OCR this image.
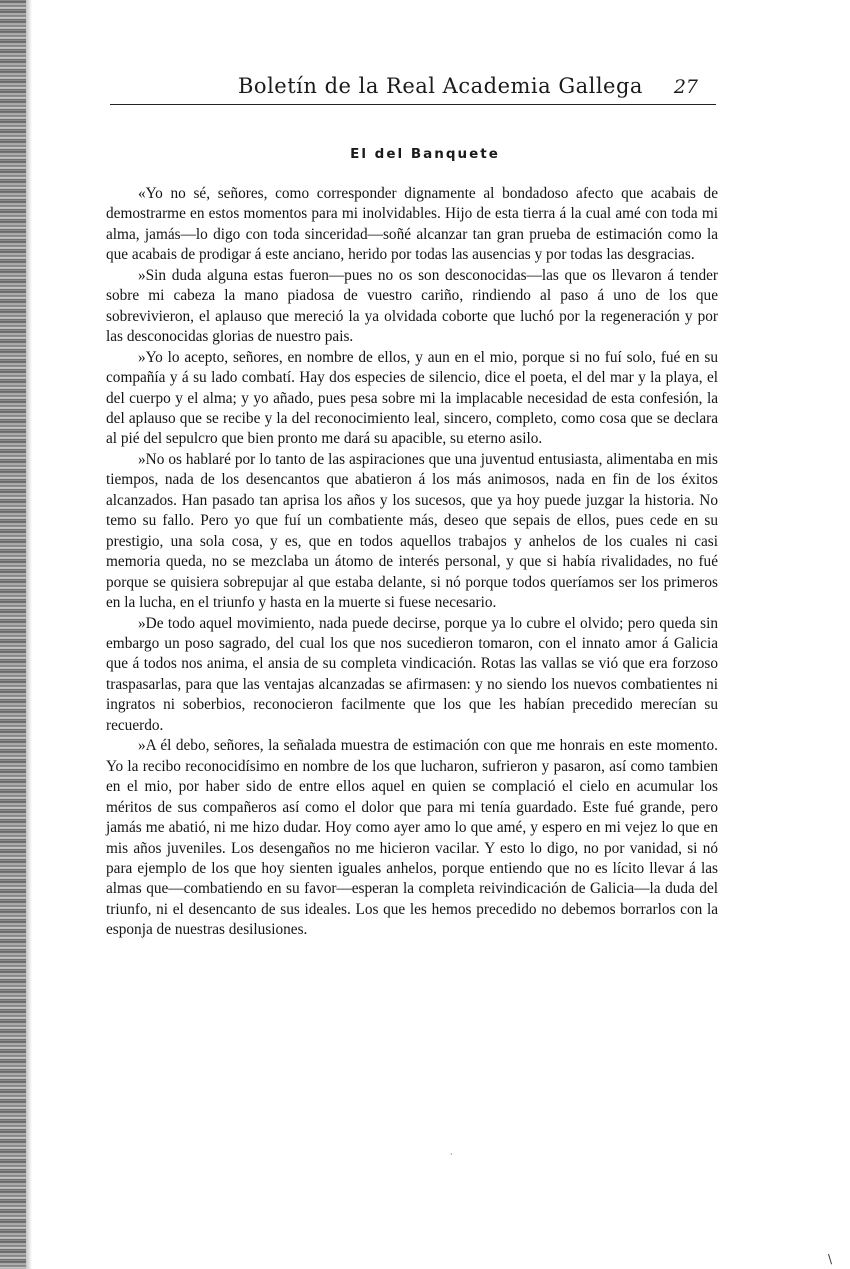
Boletín de la Real Academia Gallega 27
El del Banquete

«Yo no sé, señores, como corresponder dignamente al bondadoso afecto que acabais de demostrarme en estos momentos para mi inolvidables. Hijo de esta tierra á la cual amé con toda mi alma, jamás—lo digo con toda sinceridad—soñé alcanzar tan gran prueba de estimación como la que acabais de prodigar á este anciano, herido por todas las ausencias y por todas las desgracias.

»Sin duda alguna estas fueron—pues no os son desconocidas—las que os llevaron á tender sobre mi cabeza la mano piadosa de vuestro cariño, rindiendo al paso á uno de los que sobrevivieron, el aplauso que mereció la ya olvidada coborte que luchó por la regeneración y por las desconocidas glorias de nuestro pais.

»Yo lo acepto, señores, en nombre de ellos, y aun en el mio, porque si no fuí solo, fué en su compañía y á su lado combatí. Hay dos especies de silencio, dice el poeta, el del mar y la playa, el del cuerpo y el alma; y yo añado, pues pesa sobre mi la implacable necesidad de esta confesión, la del aplauso que se recibe y la del reconocimiento leal, sincero, completo, como cosa que se declara al pié del sepulcro que bien pronto me dará su apacible, su eterno asilo.

»No os hablaré por lo tanto de las aspiraciones que una juventud entusiasta, alimentaba en mis tiempos, nada de los desencantos que abatieron á los más animosos, nada en fin de los éxitos alcanzados. Han pasado tan aprisa los años y los sucesos, que ya hoy puede juzgar la historia. No temo su fallo. Pero yo que fuí un combatiente más, deseo que sepais de ellos, pues cede en su prestigio, una sola cosa, y es, que en todos aquellos trabajos y anhelos de los cuales ni casi memoria queda, no se mezclaba un átomo de interés personal, y que si había rivalidades, no fué porque se quisiera sobrepujar al que estaba delante, si nó porque todos queríamos ser los primeros en la lucha, en el triunfo y hasta en la muerte si fuese necesario.

»De todo aquel movimiento, nada puede decirse, porque ya lo cubre el olvido; pero queda sin embargo un poso sagrado, del cual los que nos sucedieron tomaron, con el innato amor á Galicia que á todos nos anima, el ansia de su completa vindicación. Rotas las vallas se vió que era forzoso traspasarlas, para que las ventajas alcanzadas se afirmasen: y no siendo los nuevos combatientes ni ingratos ni soberbios, reconocieron facilmente que los que les habían precedido merecían su recuerdo.

»A él debo, señores, la señalada muestra de estimación con que me honrais en este momento. Yo la recibo reconocidísimo en nombre de los que lucharon, sufrieron y pasaron, así como tambien en el mio, por haber sido de entre ellos aquel en quien se complació el cielo en acumular los méritos de sus compañeros así como el dolor que para mi tenía guardado. Este fué grande, pero jamás me abatió, ni me hizo dudar. Hoy como ayer amo lo que amé, y espero en mi vejez lo que en mis años juveniles. Los desengaños no me hicieron vacilar. Y esto lo digo, no por vanidad, si nó para ejemplo de los que hoy sienten iguales anhelos, porque entiendo que no es lícito llevar á las almas que—combatiendo en su favor—esperan la completa reivindicación de Galicia—la duda del triunfo, ni el desencanto de sus ideales. Los que les hemos precedido no debemos borrarlos con la esponja de nuestras desilusiones.

·
\
